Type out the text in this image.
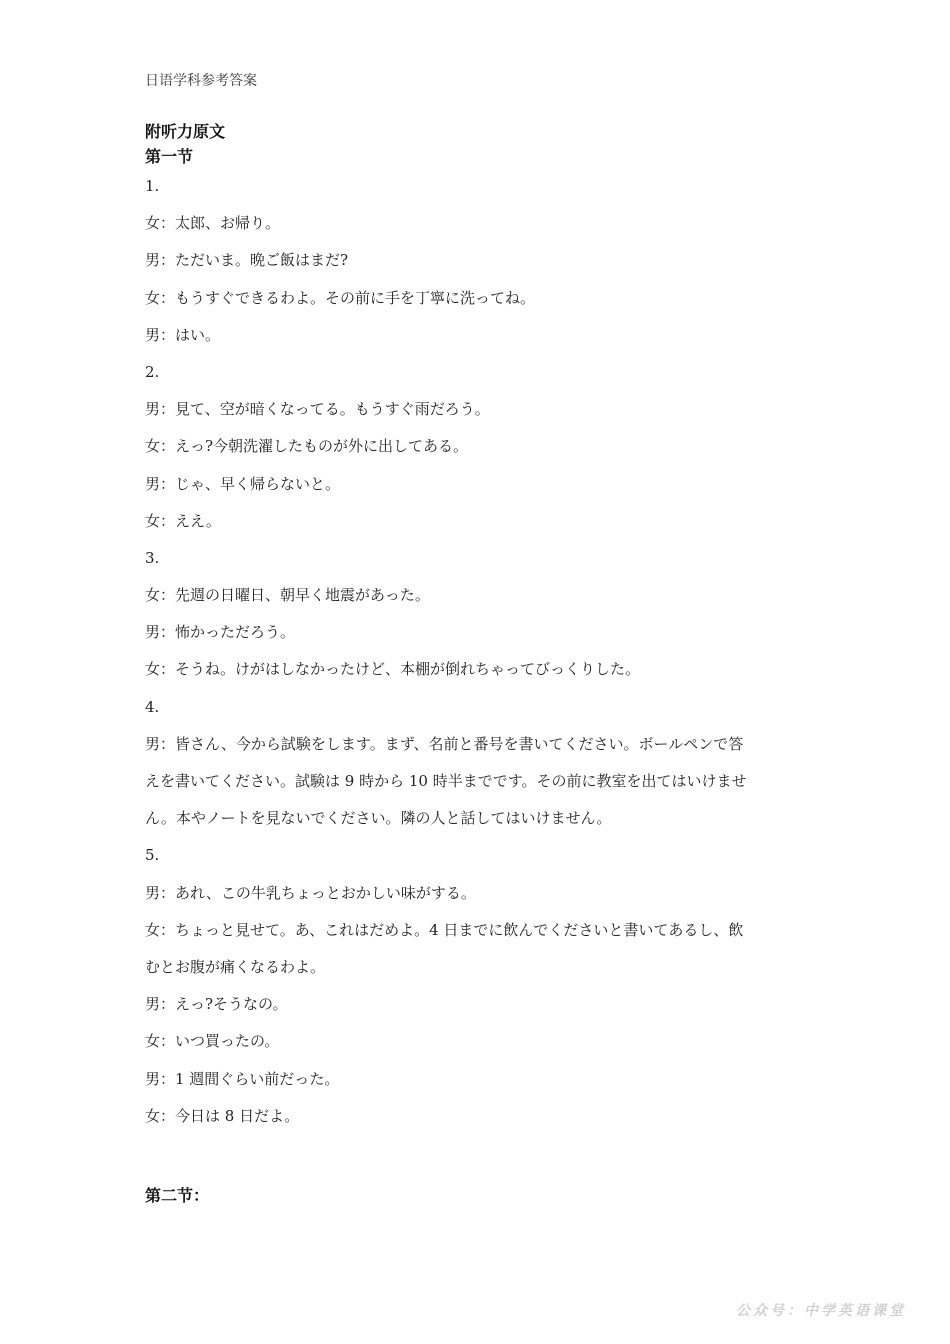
日语学科参考答案
附听力原文
第一节
1.
女：太郎、お帰り。
男：ただいま。晩ご飯はまだ?
女：もうすぐできるわよ。その前に手を丁寧に洗ってね。
男：はい。
2.
男：見て、空が暗くなってる。もうすぐ雨だろう。
女：えっ?今朝洗濯したものが外に出してある。
男：じゃ、早く帰らないと。
女：ええ。
3.
女：先週の日曜日、朝早く地震があった。
男：怖かっただろう。
女：そうね。けがはしなかったけど、本棚が倒れちゃってびっくりした。
4.
男：皆さん、今から試験をします。まず、名前と番号を書いてください。ボールペンで答
えを書いてください。試験は 9 時から 10 時半までです。その前に教室を出てはいけませ
ん。本やノートを見ないでください。隣の人と話してはいけません。
5.
男：あれ、この牛乳ちょっとおかしい味がする。
女：ちょっと見せて。あ、これはだめよ。4 日までに飲んでくださいと書いてあるし、飲
むとお腹が痛くなるわよ。
男：えっ?そうなの。
女：いつ買ったの。
男：1 週間ぐらい前だった。
女：今日は 8 日だよ。
第二节：
公众号：中学英语课堂
